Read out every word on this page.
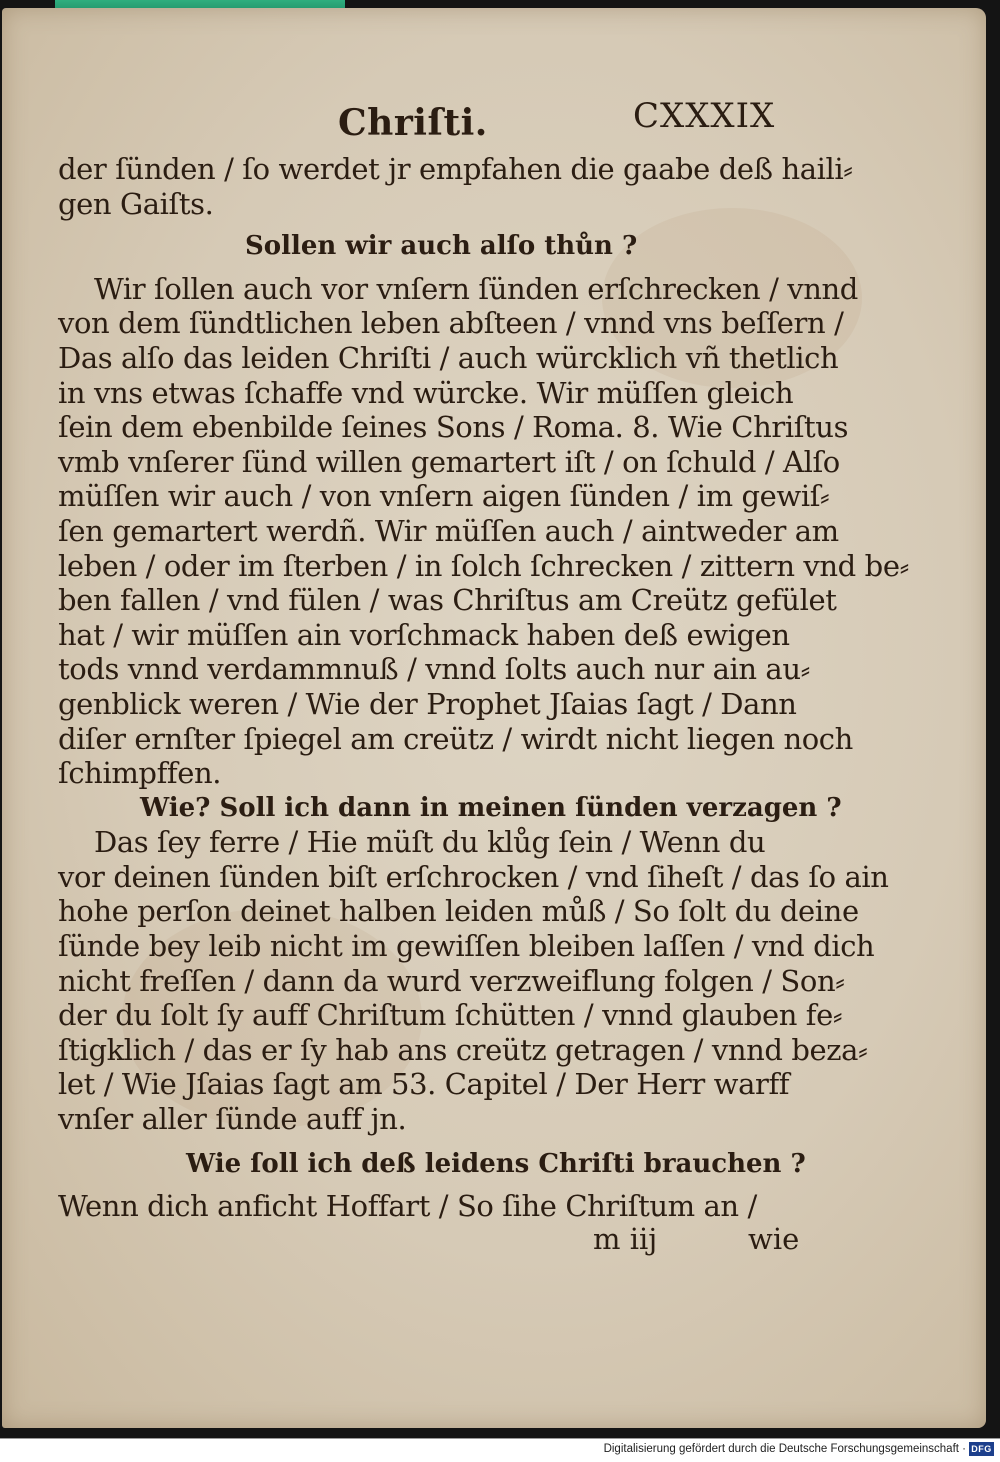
Chriſti.	CXXXIX
der ſünden / ſo werdet jr empfahen die gaabe deß haili⸗
gen Gaiſts.
Sollen wir auch alſo thůn ?
Wir ſollen auch vor vnſern ſünden erſchrecken / vnnd
von dem ſündtlichen leben abſteen / vnnd vns beſſern /
Das alſo das leiden Chriſti / auch würcklich vñ thetlich
in vns etwas ſchaffe vnd würcke. Wir müſſen gleich
ſein dem ebenbilde ſeines Sons / Roma. 8. Wie Chriſtus
vmb vnſerer ſünd willen gemartert iſt / on ſchuld / Alſo
müſſen wir auch / von vnſern aigen ſünden / im gewiſ⸗
ſen gemartert werdñ. Wir müſſen auch / aintweder am
leben / oder im ſterben / in ſolch ſchrecken / zittern vnd be⸗
ben fallen / vnd fülen / was Chriſtus am Creütz gefület
hat / wir müſſen ain vorſchmack haben deß ewigen
tods vnnd verdammnuß / vnnd ſolts auch nur ain au⸗
genblick weren / Wie der Prophet Jſaias ſagt / Dann
diſer ernſter ſpiegel am creütz / wirdt nicht liegen noch
ſchimpffen.
Wie? Soll ich dann in meinen ſünden verzagen ?
Das ſey ferre / Hie müſt du klůg ſein / Wenn du
vor deinen ſünden biſt erſchrocken / vnd ſiheſt / das ſo ain
hohe perſon deinet halben leiden můß / So ſolt du deine
ſünde bey leib nicht im gewiſſen bleiben laſſen / vnd dich
nicht freſſen / dann da wurd verzweiflung folgen / Son⸗
der du ſolt ſy auff Chriſtum ſchütten / vnnd glauben fe⸗
ſtigklich / das er ſy hab ans creütz getragen / vnnd beza⸗
let / Wie Jſaias ſagt am 53. Capitel / Der Herr warff
vnſer aller ſünde auff jn.
Wie ſoll ich deß leidens Chriſti brauchen ?
Wenn dich anficht Hoffart / So ſihe Chriſtum an /
m iij	wie
Digitalisierung gefördert durch die Deutsche Forschungsgemeinschaft · DFG
